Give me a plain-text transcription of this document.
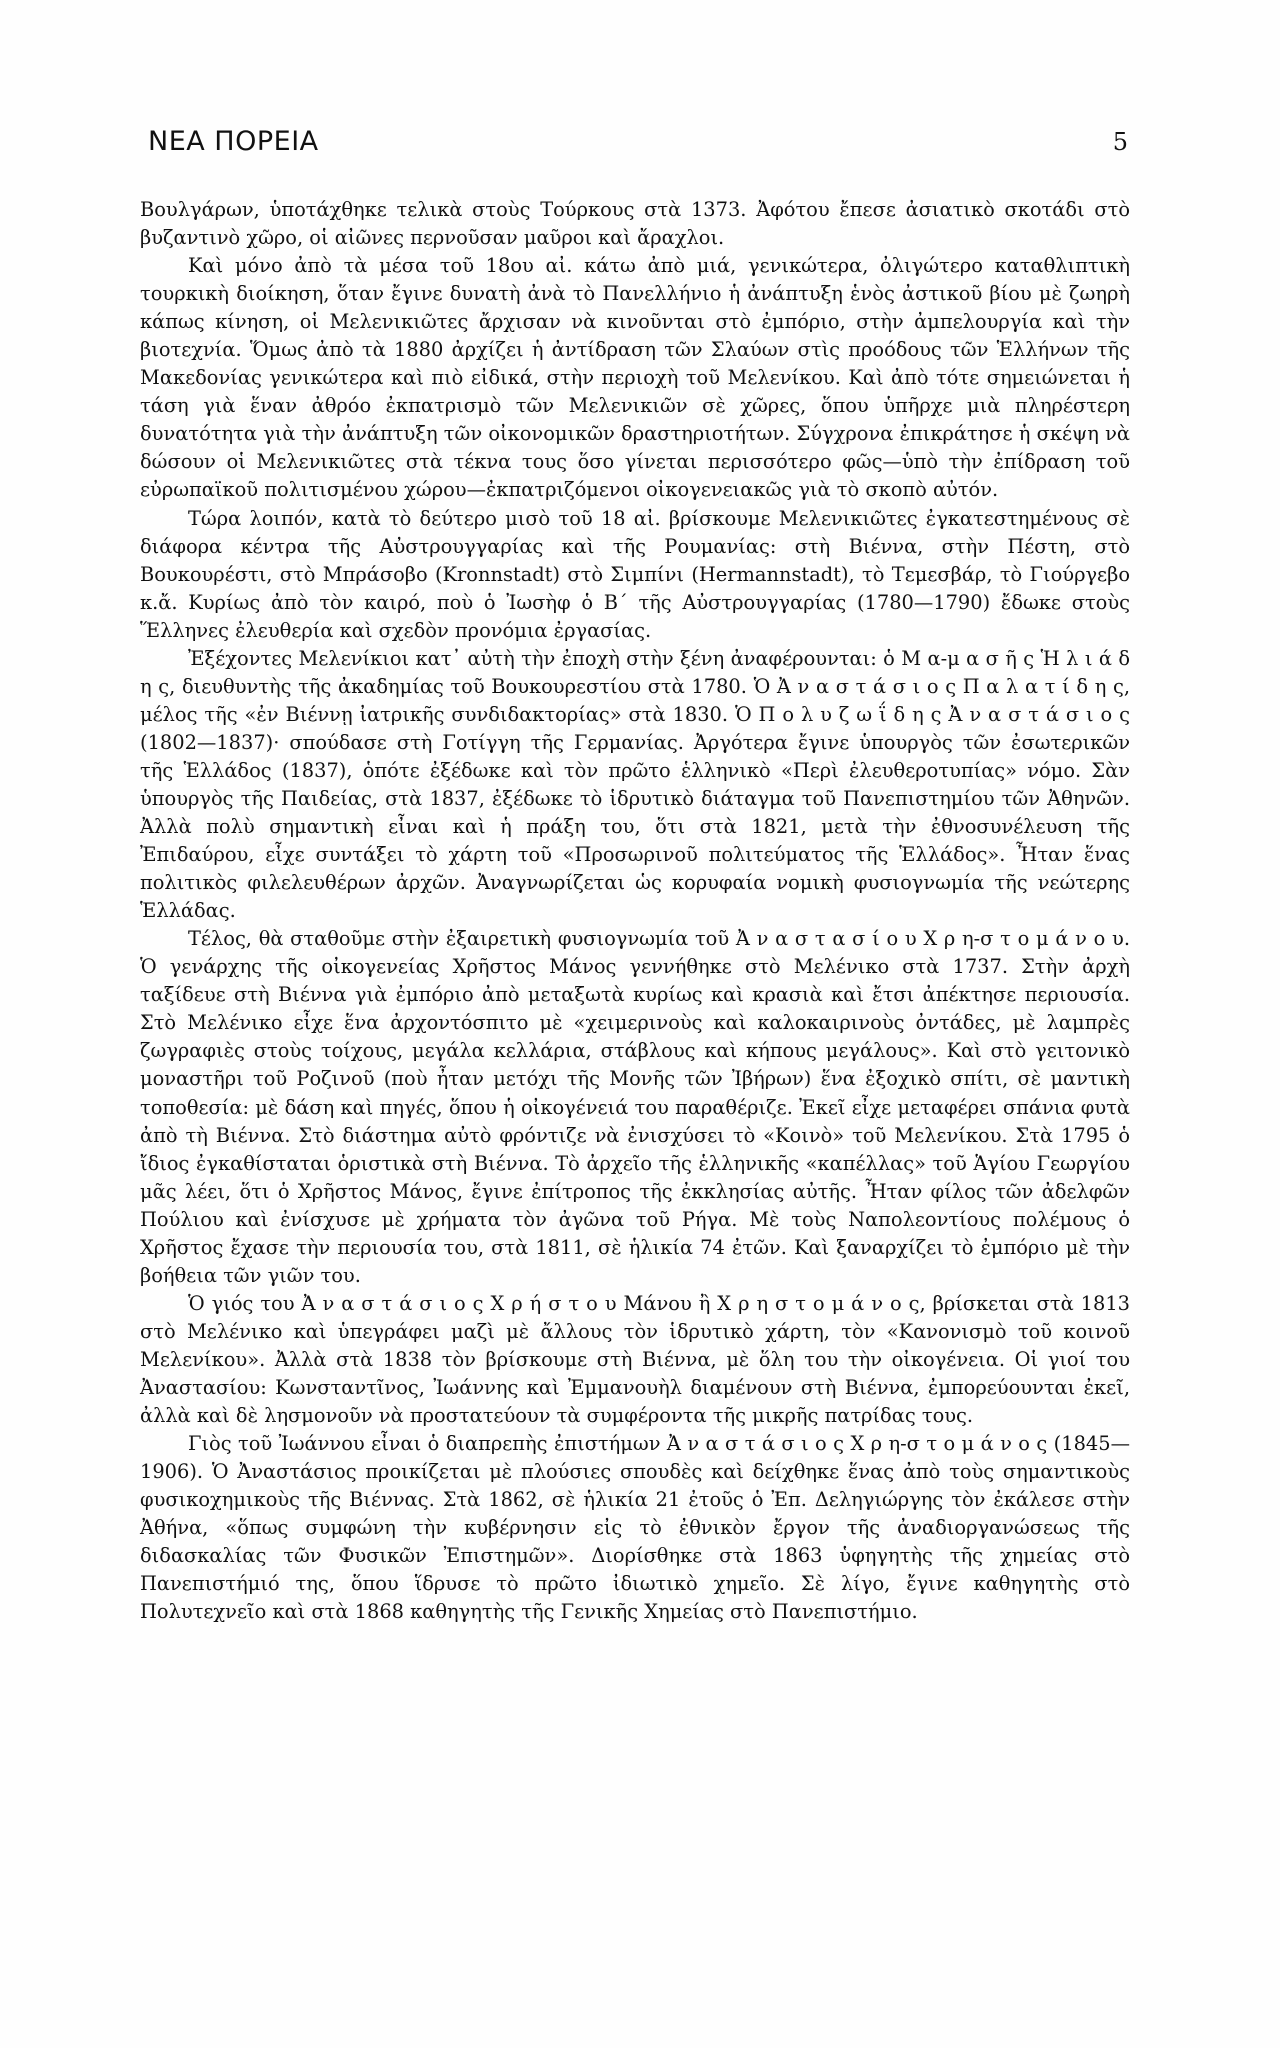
ΝΕΑ ΠΟΡΕΙΑ	5

Βουλγάρων, ὑποτάχθηκε τελικὰ στοὺς Τούρκους στὰ 1373. Ἀφότου ἔπεσε ἀσιατικὸ σκοτάδι στὸ βυζαντινὸ χῶρο, οἱ αἰῶνες περνοῦσαν μαῦροι καὶ ἄραχλοι.

Καὶ μόνο ἀπὸ τὰ μέσα τοῦ 18ου αἰ. κάτω ἀπὸ μιά, γενικώτερα, ὀλιγώτερο καταθλιπτικὴ τουρκικὴ διοίκηση, ὅταν ἔγινε δυνατὴ ἀνὰ τὸ Πανελλήνιο ἡ ἀνάπτυξη ἑνὸς ἀστικοῦ βίου μὲ ζωηρὴ κάπως κίνηση, οἱ Μελενικιῶτες ἄρχισαν νὰ κινοῦνται στὸ ἐμπόριο, στὴν ἀμπελουργία καὶ τὴν βιοτεχνία. Ὅμως ἀπὸ τὰ 1880 ἀρχίζει ἡ ἀντίδραση τῶν Σλαύων στὶς προόδους τῶν Ἑλλήνων τῆς Μακεδονίας γενικώτερα καὶ πιὸ εἰδικά, στὴν περιοχὴ τοῦ Μελενίκου. Καὶ ἀπὸ τότε σημειώνεται ἡ τάση γιὰ ἕναν ἀθρόο ἐκπατρισμὸ τῶν Μελενικιῶν σὲ χῶρες, ὅπου ὑπῆρχε μιὰ πληρέστερη δυνατότητα γιὰ τὴν ἀνάπτυξη τῶν οἰκονομικῶν δραστηριοτήτων. Σύγχρονα ἐπικράτησε ἡ σκέψη νὰ δώσουν οἱ Μελενικιῶτες στὰ τέκνα τους ὅσο γίνεται περισσότερο φῶς—ὑπὸ τὴν ἐπίδραση τοῦ εὐρωπαϊκοῦ πολιτισμένου χώρου—ἐκπατριζόμενοι οἰκογενειακῶς γιὰ τὸ σκοπὸ αὐτόν.

Τώρα λοιπόν, κατὰ τὸ δεύτερο μισὸ τοῦ 18 αἰ. βρίσκουμε Μελενικιῶτες ἐγκατεστημένους σὲ διάφορα κέντρα τῆς Αὐστρουγγαρίας καὶ τῆς Ρουμανίας: στὴ Βιέννα, στὴν Πέστη, στὸ Βουκουρέστι, στὸ Μπράσοβο (Kronnstadt) στὸ Σιμπίνι (Hermannstadt), τὸ Τεμεσβάρ, τὸ Γιούργεβο κ.ἄ. Κυρίως ἀπὸ τὸν καιρό, ποὺ ὁ Ἰωσὴφ ὁ Β΄ τῆς Αὐστρουγγαρίας (1780—1790) ἔδωκε στοὺς Ἕλληνες ἐλευθερία καὶ σχεδὸν προνόμια ἐργασίας.

Ἐξέχοντες Μελενίκιοι κατ᾿ αὐτὴ τὴν ἐποχὴ στὴν ξένη ἀναφέρουνται: ὁ Μ α-μ α σ ῆ ς Ἡ λ ι ά δ η ς, διευθυντὴς τῆς ἀκαδημίας τοῦ Βουκουρεστίου στὰ 1780. Ὁ Ἀ ν α σ τ ά σ ι ο ς Π α λ α τ ί δ η ς, μέλος τῆς «ἐν Βιέννῃ ἰατρικῆς συνδιδακτορίας» στὰ 1830. Ὁ Π ο λ υ ζ ω ΐ δ η ς Ἀ ν α σ τ ά σ ι ο ς (1802—1837)· σπούδασε στὴ Γοτίγγη τῆς Γερμανίας. Ἀργότερα ἔγινε ὑπουργὸς τῶν ἐσωτερικῶν τῆς Ἑλλάδος (1837), ὁπότε ἐξέδωκε καὶ τὸν πρῶτο ἑλληνικὸ «Περὶ ἐλευθεροτυπίας» νόμο. Σὰν ὑπουργὸς τῆς Παιδείας, στὰ 1837, ἐξέδωκε τὸ ἱδρυτικὸ διάταγμα τοῦ Πανεπιστημίου τῶν Ἀθηνῶν. Ἀλλὰ πολὺ σημαντικὴ εἶναι καὶ ἡ πράξη του, ὅτι στὰ 1821, μετὰ τὴν ἐθνοσυνέλευση τῆς Ἐπιδαύρου, εἶχε συντάξει τὸ χάρτη τοῦ «Προσωρινοῦ πολιτεύματος τῆς Ἑλλάδος». Ἦταν ἕνας πολιτικὸς φιλελευθέρων ἀρχῶν. Ἀναγνωρίζεται ὡς κορυφαία νομικὴ φυσιογνωμία τῆς νεώτερης Ἑλλάδας.

Τέλος, θὰ σταθοῦμε στὴν ἐξαιρετικὴ φυσιογνωμία τοῦ Ἀ ν α σ τ α σ ί ο υ Χ ρ η-σ τ ο μ ά ν ο υ. Ὁ γενάρχης τῆς οἰκογενείας Χρῆστος Μάνος γεννήθηκε στὸ Μελένικο στὰ 1737. Στὴν ἀρχὴ ταξίδευε στὴ Βιέννα γιὰ ἐμπόριο ἀπὸ μεταξωτὰ κυρίως καὶ κρασιὰ καὶ ἔτσι ἀπέκτησε περιουσία. Στὸ Μελένικο εἶχε ἕνα ἀρχοντόσπιτο μὲ «χειμερινοὺς καὶ καλοκαιρινοὺς ὀντάδες, μὲ λαμπρὲς ζωγραφιὲς στοὺς τοίχους, μεγάλα κελλάρια, στάβλους καὶ κήπους μεγάλους». Καὶ στὸ γειτονικὸ μοναστῆρι τοῦ Ροζινοῦ (ποὺ ἦταν μετόχι τῆς Μονῆς τῶν Ἰβήρων) ἕνα ἐξοχικὸ σπίτι, σὲ μαντικὴ τοποθεσία: μὲ δάση καὶ πηγές, ὅπου ἡ οἰκογένειά του παραθέριζε. Ἐκεῖ εἶχε μεταφέρει σπάνια φυτὰ ἀπὸ τὴ Βιέννα. Στὸ διάστημα αὐτὸ φρόντιζε νὰ ἐνισχύσει τὸ «Κοινὸ» τοῦ Μελενίκου. Στὰ 1795 ὁ ἴδιος ἐγκαθίσταται ὁριστικὰ στὴ Βιέννα. Τὸ ἀρχεῖο τῆς ἑλληνικῆς «καπέλλας» τοῦ Ἁγίου Γεωργίου μᾶς λέει, ὅτι ὁ Χρῆστος Μάνος, ἔγινε ἐπίτροπος τῆς ἐκκλησίας αὐτῆς. Ἦταν φίλος τῶν ἀδελφῶν Πούλιου καὶ ἐνίσχυσε μὲ χρήματα τὸν ἀγῶνα τοῦ Ρήγα. Μὲ τοὺς Ναπολεοντίους πολέμους ὁ Χρῆστος ἔχασε τὴν περιουσία του, στὰ 1811, σὲ ἡλικία 74 ἐτῶν. Καὶ ξαναρχίζει τὸ ἐμπόριο μὲ τὴν βοήθεια τῶν γιῶν του.

Ὁ γιός του Ἀ ν α σ τ ά σ ι ο ς Χ ρ ή σ τ ο υ Μάνου ἢ Χ ρ η σ τ ο μ ά ν ο ς, βρίσκεται στὰ 1813 στὸ Μελένικο καὶ ὑπεγράφει μαζὶ μὲ ἄλλους τὸν ἱδρυτικὸ χάρτη, τὸν «Κανονισμὸ τοῦ κοινοῦ Μελενίκου». Ἀλλὰ στὰ 1838 τὸν βρίσκουμε στὴ Βιέννα, μὲ ὅλη του τὴν οἰκογένεια. Οἱ γιοί του Ἀναστασίου: Κωνσταντῖνος, Ἰωάννης καὶ Ἐμμανουὴλ διαμένουν στὴ Βιέννα, ἐμπορεύουνται ἐκεῖ, ἀλλὰ καὶ δὲ λησμονοῦν νὰ προστατεύουν τὰ συμφέροντα τῆς μικρῆς πατρίδας τους.

Γιὸς τοῦ Ἰωάννου εἶναι ὁ διαπρεπὴς ἐπιστήμων Ἀ ν α σ τ ά σ ι ο ς Χ ρ η-σ τ ο μ ά ν ο ς (1845—1906). Ὁ Ἀναστάσιος προικίζεται μὲ πλούσιες σπουδὲς καὶ δείχθηκε ἕνας ἀπὸ τοὺς σημαντικοὺς φυσικοχημικοὺς τῆς Βιέννας. Στὰ 1862, σὲ ἡλικία 21 ἐτοῦς ὁ Ἐπ. Δεληγιώργης τὸν ἐκάλεσε στὴν Ἀθήνα, «ὅπως συμφώνη τὴν κυβέρνησιν εἰς τὸ ἐθνικὸν ἔργον τῆς ἀναδιοργανώσεως τῆς διδασκαλίας τῶν Φυσικῶν Ἐπιστημῶν». Διορίσθηκε στὰ 1863 ὑφηγητὴς τῆς χημείας στὸ Πανεπιστήμιό της, ὅπου ἵδρυσε τὸ πρῶτο ἰδιωτικὸ χημεῖο. Σὲ λίγο, ἔγινε καθηγητὴς στὸ Πολυτεχνεῖο καὶ στὰ 1868 καθηγητὴς τῆς Γενικῆς Χημείας στὸ Πανεπιστήμιο.
